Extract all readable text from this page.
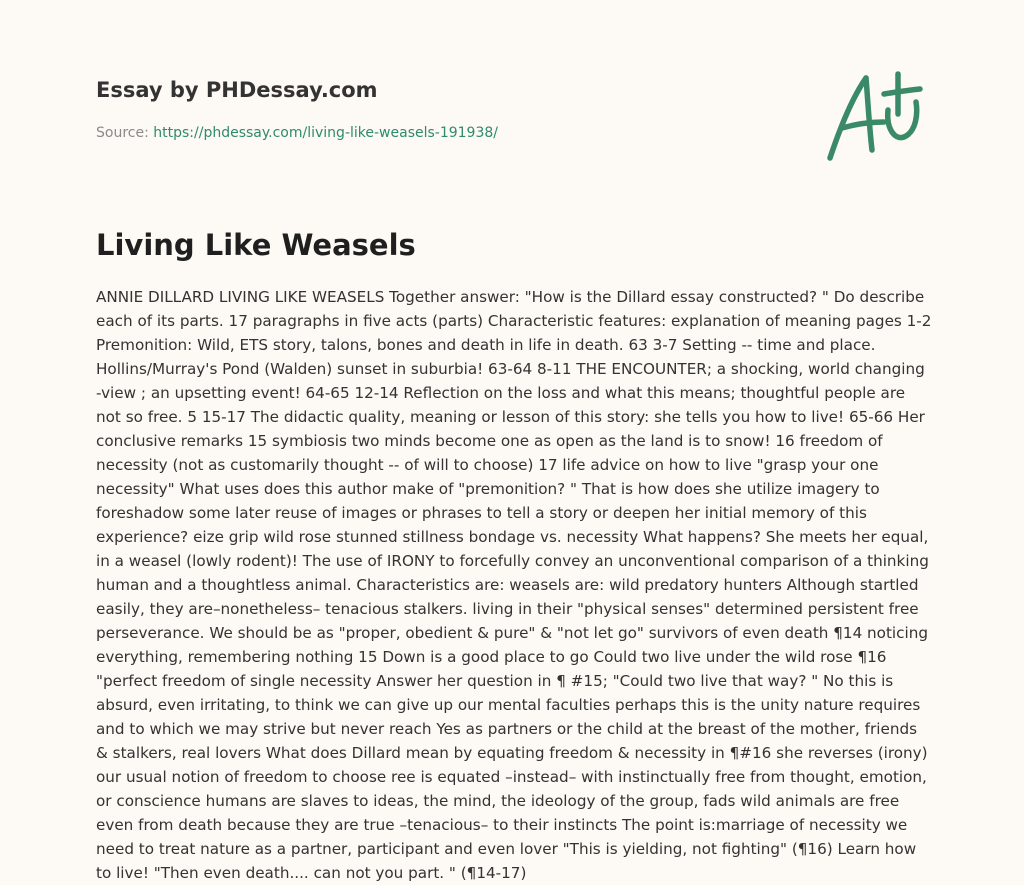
Essay by PHDessay.com
Source: https://phdessay.com/living-like-weasels-191938/
Living Like Weasels

ANNIE DILLARD LIVING LIKE WEASELS Together answer: "How is the Dillard essay constructed? " Do describe each of its parts. 17 paragraphs in five acts (parts) Characteristic features: explanation of meaning pages 1-2 Premonition: Wild, ETS story, talons, bones and death in life in death. 63 3-7 Setting -- time and place. Hollins/Murray's Pond (Walden) sunset in suburbia! 63-64 8-11 THE ENCOUNTER; a shocking, world changing -view ; an upsetting event! 64-65 12-14 Reflection on the loss and what this means; thoughtful people are not so free. 5 15-17 The didactic quality, meaning or lesson of this story: she tells you how to live! 65-66 Her conclusive remarks 15 symbiosis two minds become one as open as the land is to snow! 16 freedom of necessity (not as customarily thought -- of will to choose) 17 life advice on how to live "grasp your one necessity" What uses does this author make of "premonition? " That is how does she utilize imagery to foreshadow some later reuse of images or phrases to tell a story or deepen her initial memory of this experience? eize grip wild rose stunned stillness bondage vs. necessity What happens? She meets her equal, in a weasel (lowly rodent)! The use of IRONY to forcefully convey an unconventional comparison of a thinking human and a thoughtless animal. Characteristics are: weasels are: wild predatory hunters Although startled easily, they are–nonetheless– tenacious stalkers. living in their "physical senses" determined persistent free perseverance. We should be as "proper, obedient & pure" & "not let go" survivors of even death ¶14 noticing everything, remembering nothing 15 Down is a good place to go Could two live under the wild rose ¶16 "perfect freedom of single necessity Answer her question in ¶ #15; "Could two live that way? " No this is absurd, even irritating, to think we can give up our mental faculties perhaps this is the unity nature requires and to which we may strive but never reach Yes as partners or the child at the breast of the mother, friends & stalkers, real lovers What does Dillard mean by equating freedom & necessity in ¶#16 she reverses (irony) our usual notion of freedom to choose ree is equated –instead– with instinctually free from thought, emotion, or conscience humans are slaves to ideas, the mind, the ideology of the group, fads wild animals are free even from death because they are true –tenacious– to their instincts The point is:marriage of necessity we need to treat nature as a partner, participant and even lover "This is yielding, not fighting" (¶16) Learn how to live! "Then even death.... can not you part. " (¶14-17)
